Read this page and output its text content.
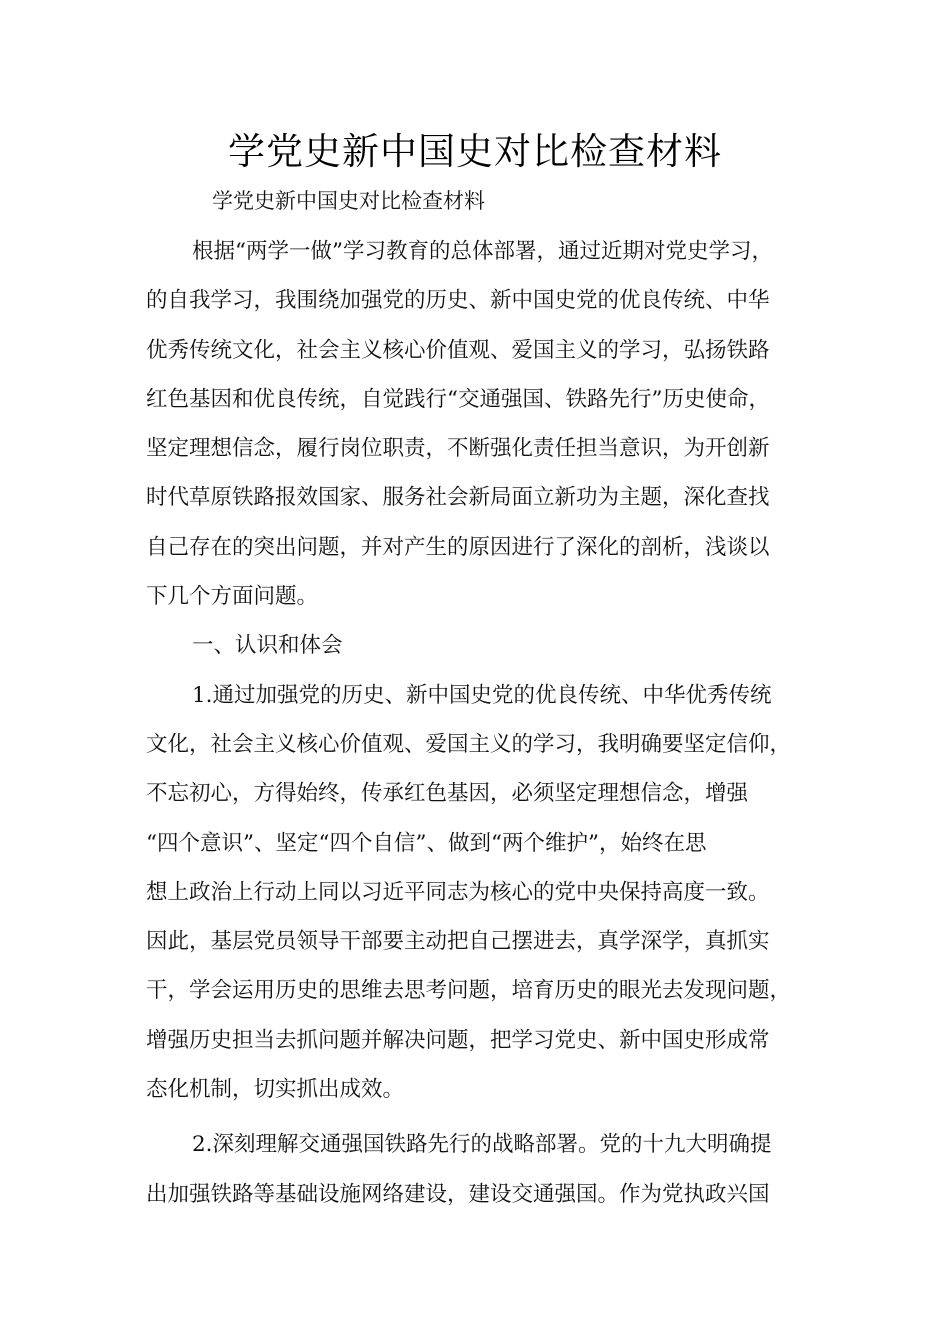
学党史新中国史对比检查材料

学党史新中国史对比检查材料

根据“两学一做”学习教育的总体部署，通过近期对党史学习，

的自我学习，我围绕加强党的历史、新中国史党的优良传统、中华

优秀传统文化，社会主义核心价值观、爱国主义的学习，弘扬铁路

红色基因和优良传统，自觉践行“交通强国、铁路先行”历史使命，

坚定理想信念，履行岗位职责，不断强化责任担当意识，为开创新

时代草原铁路报效国家、服务社会新局面立新功为主题，深化查找

自己存在的突出问题，并对产生的原因进行了深化的剖析，浅谈以

下几个方面问题。

一、认识和体会

1.通过加强党的历史、新中国史党的优良传统、中华优秀传统

文化，社会主义核心价值观、爱国主义的学习，我明确要坚定信仰，

不忘初心，方得始终，传承红色基因，必须坚定理想信念，增强

“四个意识”、坚定“四个自信”、做到“两个维护”，始终在思

想上政治上行动上同以习近平同志为核心的党中央保持高度一致。

因此，基层党员领导干部要主动把自己摆进去，真学深学，真抓实

干，学会运用历史的思维去思考问题，培育历史的眼光去发现问题，

增强历史担当去抓问题并解决问题，把学习党史、新中国史形成常

态化机制，切实抓出成效。

2.深刻理解交通强国铁路先行的战略部署。党的十九大明确提

出加强铁路等基础设施网络建设，建设交通强国。作为党执政兴国
